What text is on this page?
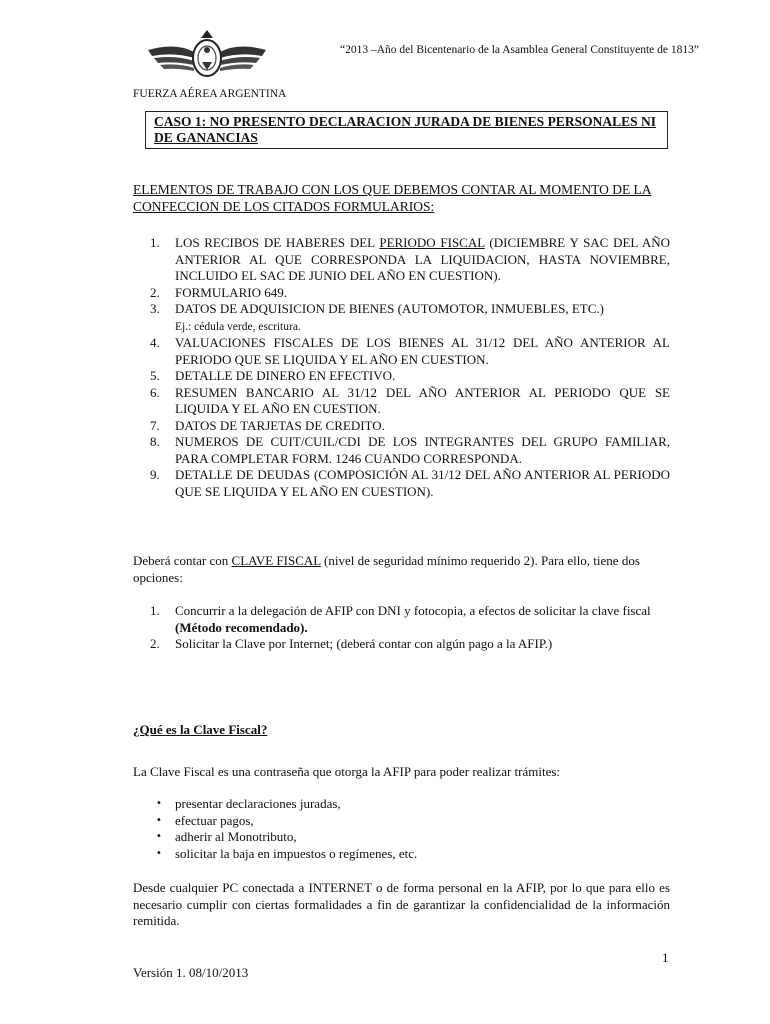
“2013 –Año del Bicentenario de la Asamblea General Constituyente de 1813”
FUERZA AÉREA ARGENTINA
CASO 1: NO PRESENTO DECLARACION JURADA DE BIENES PERSONALES NI DE GANANCIAS
ELEMENTOS DE TRABAJO CON LOS QUE DEBEMOS CONTAR AL MOMENTO DE LA CONFECCION DE LOS CITADOS FORMULARIOS:
1. LOS RECIBOS DE HABERES DEL PERIODO FISCAL (DICIEMBRE Y SAC DEL AÑO ANTERIOR AL QUE CORRESPONDA LA LIQUIDACION, HASTA NOVIEMBRE, INCLUIDO EL SAC DE JUNIO DEL AÑO EN CUESTION).
2. FORMULARIO 649.
3. DATOS DE ADQUISICION DE BIENES (AUTOMOTOR, INMUEBLES, ETC.)
Ej.: cédula verde, escritura.
4. VALUACIONES FISCALES DE LOS BIENES AL 31/12 DEL AÑO ANTERIOR AL PERIODO QUE SE LIQUIDA Y EL AÑO EN CUESTION.
5. DETALLE DE DINERO EN EFECTIVO.
6. RESUMEN BANCARIO AL 31/12 DEL AÑO ANTERIOR AL PERIODO QUE SE LIQUIDA Y EL AÑO EN CUESTION.
7. DATOS DE TARJETAS DE CREDITO.
8. NUMEROS DE CUIT/CUIL/CDI DE LOS INTEGRANTES DEL GRUPO FAMILIAR, PARA COMPLETAR FORM. 1246 CUANDO CORRESPONDA.
9. DETALLE DE DEUDAS (COMPOSICIÓN AL 31/12 DEL AÑO ANTERIOR AL PERIODO QUE SE LIQUIDA Y EL AÑO EN CUESTION).
Deberá contar con CLAVE FISCAL (nivel de seguridad mínimo requerido 2). Para ello, tiene dos opciones:
1. Concurrir a la delegación de AFIP con DNI y fotocopia, a efectos de solicitar la clave fiscal (Método recomendado).
2. Solicitar la Clave por Internet; (deberá contar con algún pago a la AFIP.)
¿Qué es la Clave Fiscal?
La Clave Fiscal es una contraseña que otorga la AFIP para poder realizar trámites:
• presentar declaraciones juradas,
• efectuar pagos,
• adherir al Monotributo,
• solicitar la baja en impuestos o regímenes, etc.
Desde cualquier PC conectada a INTERNET o de forma personal en la AFIP, por lo que para ello es necesario cumplir con ciertas formalidades a fin de garantizar la confidencialidad de la información remitida.
1
Versión 1. 08/10/2013
